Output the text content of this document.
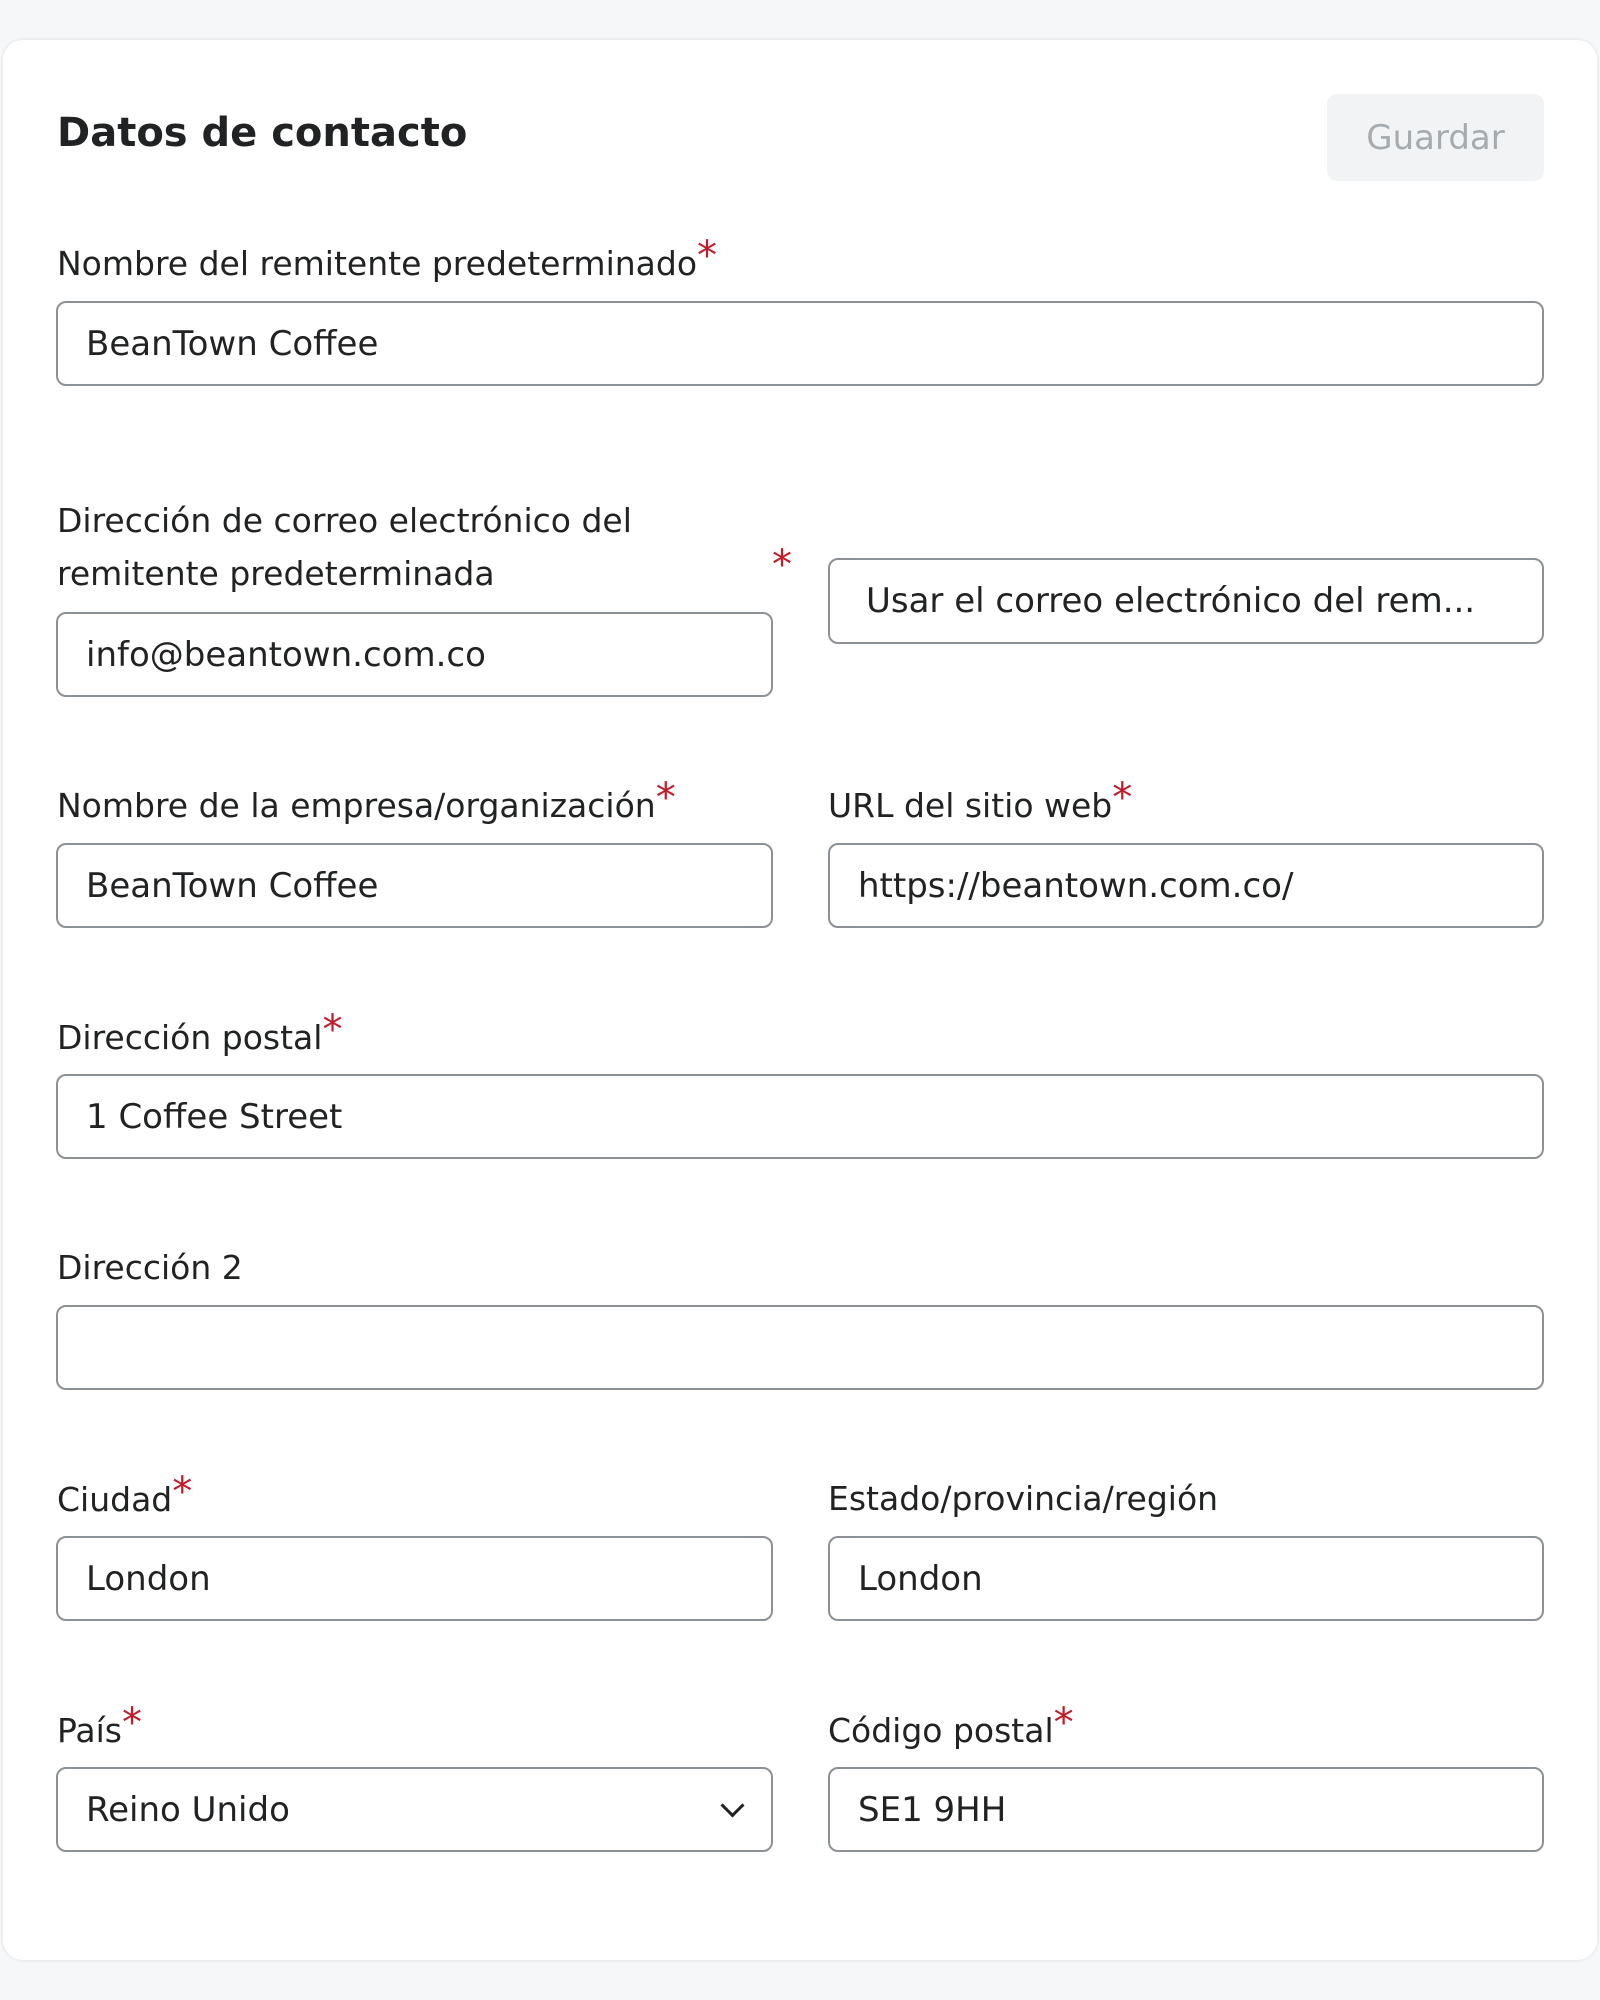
Datos de contacto	Guardar
Nombre del remitente predeterminado*
BeanTown Coffee
Dirección de correo electrónico del
remitente predeterminada	*
info@beantown.com.co
Usar el correo electrónico del rem...
Nombre de la empresa/organización*
BeanTown Coffee
URL del sitio web*
https://beantown.com.co/
Dirección postal*
1 Coffee Street
Dirección 2
Ciudad*
London
Estado/provincia/región
London
País*
Reino Unido
Código postal*
SE1 9HH
